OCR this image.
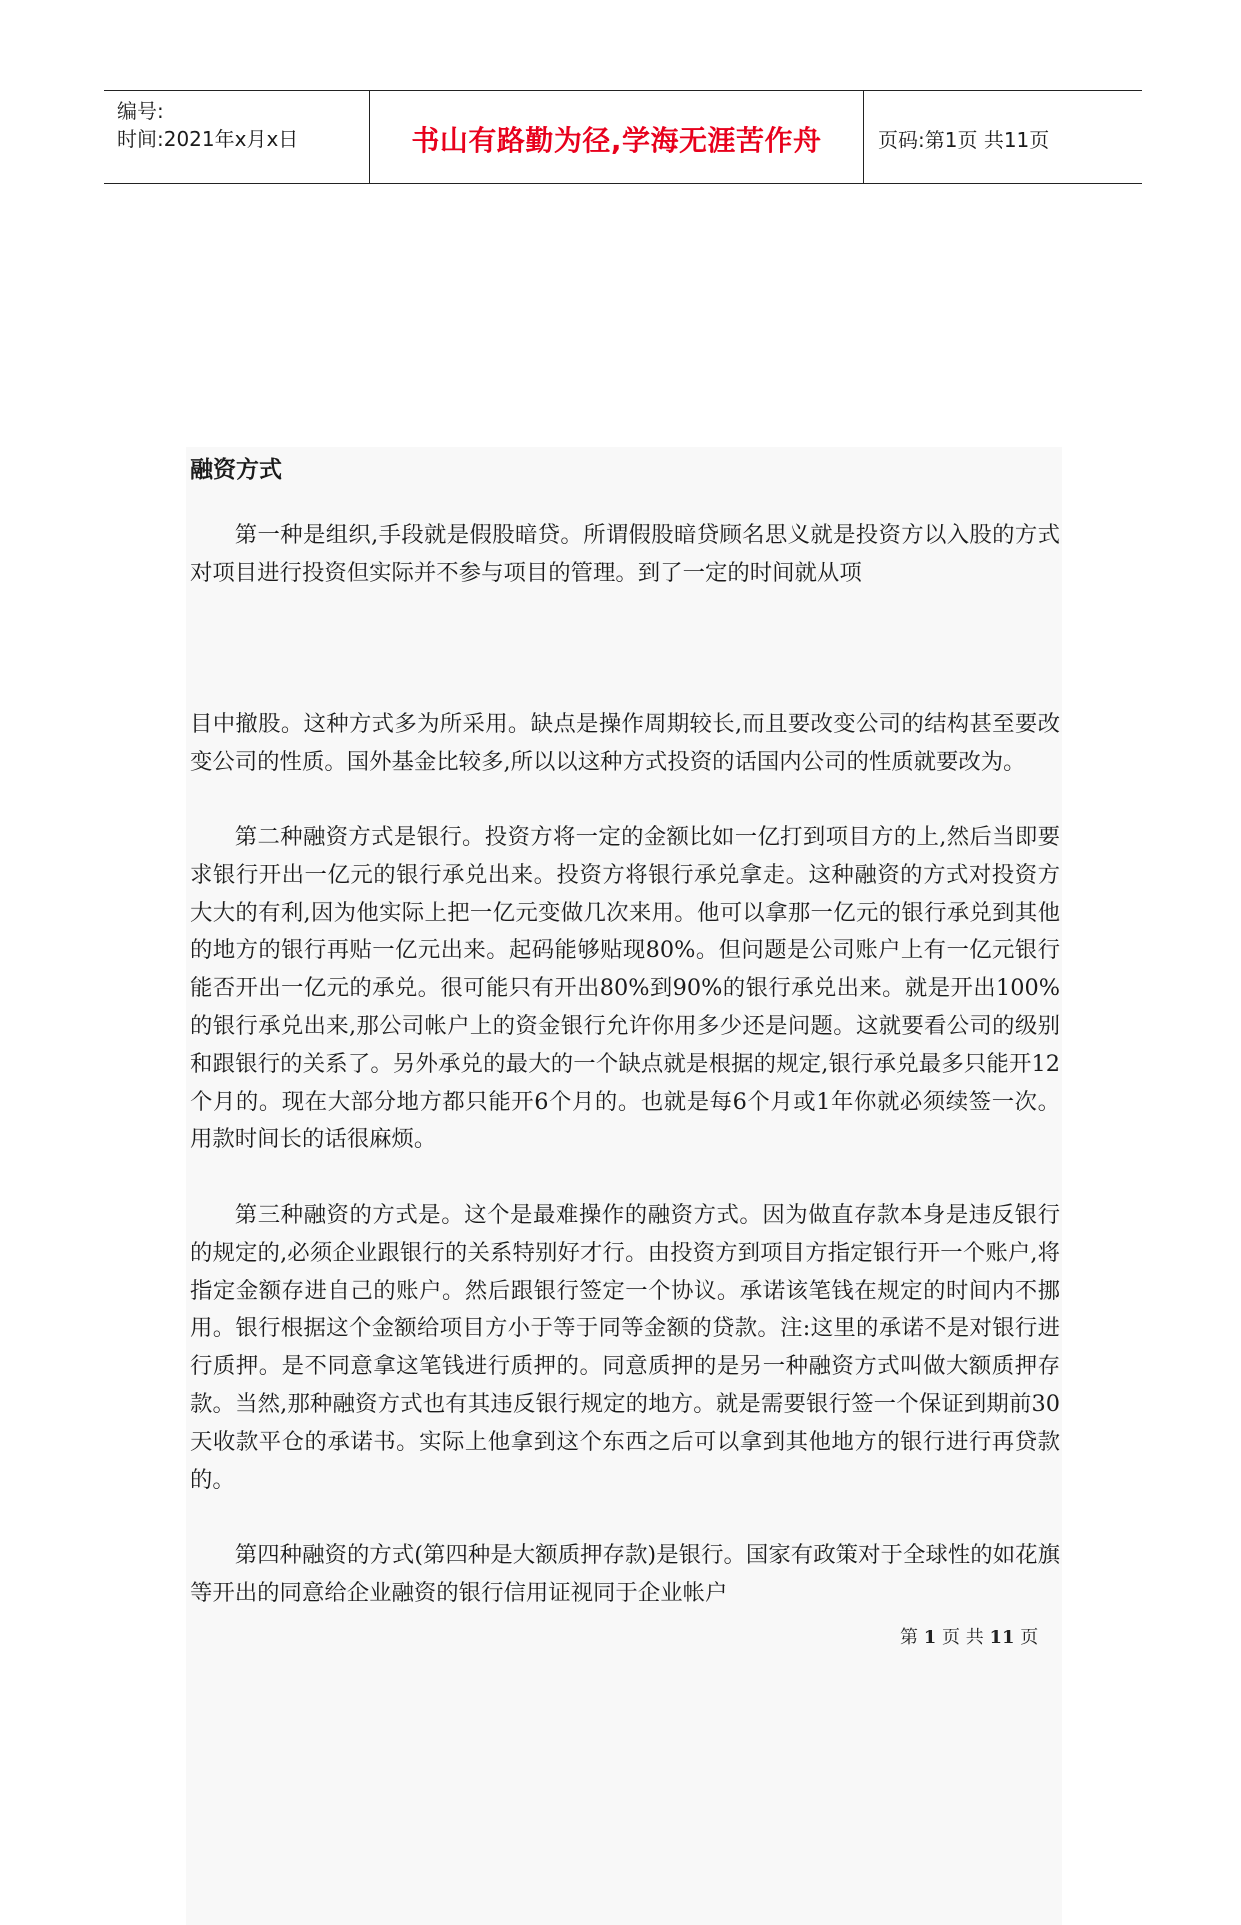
编号:
时间:2021年x月x日	书山有路勤为径,学海无涯苦作舟	页码:第1页 共11页
融资方式

第一种是组织,手段就是假股暗贷。所谓假股暗贷顾名思义就是投资方以入股的方式对项目进行投资但实际并不参与项目的管理。到了一定的时间就从项

目中撤股。这种方式多为所采用。缺点是操作周期较长,而且要改变公司的结构甚至要改变公司的性质。国外基金比较多,所以以这种方式投资的话国内公司的性质就要改为。

第二种融资方式是银行。投资方将一定的金额比如一亿打到项目方的上,然后当即要求银行开出一亿元的银行承兑出来。投资方将银行承兑拿走。这种融资的方式对投资方大大的有利,因为他实际上把一亿元变做几次来用。他可以拿那一亿元的银行承兑到其他的地方的银行再贴一亿元出来。起码能够贴现80%。但问题是公司账户上有一亿元银行能否开出一亿元的承兑。很可能只有开出80%到90%的银行承兑出来。就是开出100%的银行承兑出来,那公司帐户上的资金银行允许你用多少还是问题。这就要看公司的级别和跟银行的关系了。另外承兑的最大的一个缺点就是根据的规定,银行承兑最多只能开12个月的。现在大部分地方都只能开6个月的。也就是每6个月或1年你就必须续签一次。用款时间长的话很麻烦。

第三种融资的方式是。这个是最难操作的融资方式。因为做直存款本身是违反银行的规定的,必须企业跟银行的关系特别好才行。由投资方到项目方指定银行开一个账户,将指定金额存进自己的账户。然后跟银行签定一个协议。承诺该笔钱在规定的时间内不挪用。银行根据这个金额给项目方小于等于同等金额的贷款。注:这里的承诺不是对银行进行质押。是不同意拿这笔钱进行质押的。同意质押的是另一种融资方式叫做大额质押存款。当然,那种融资方式也有其违反银行规定的地方。就是需要银行签一个保证到期前30天收款平仓的承诺书。实际上他拿到这个东西之后可以拿到其他地方的银行进行再贷款的。

第四种融资的方式(第四种是大额质押存款)是银行。国家有政策对于全球性的如花旗等开出的同意给企业融资的银行信用证视同于企业帐户

第 1 页 共 11 页
